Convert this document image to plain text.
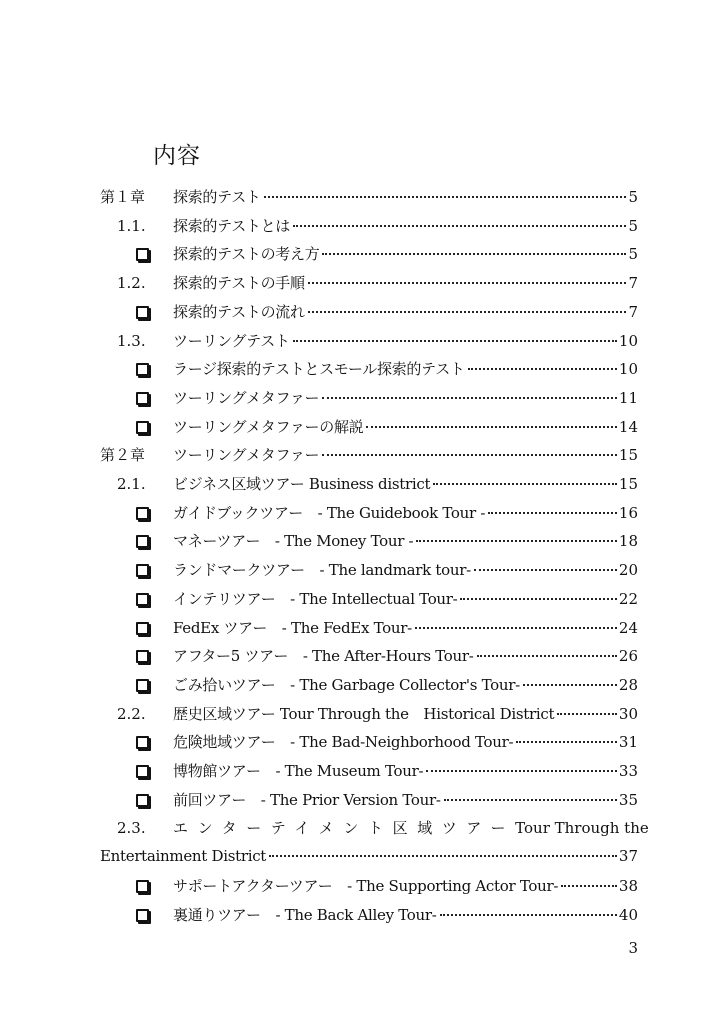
内容
第１章 探索的テスト	5
1.1. 探索的テストとは	5
探索的テストの考え方	5
1.2. 探索的テストの手順	7
探索的テストの流れ	7
1.3. ツーリングテスト	10
ラージ探索的テストとスモール探索的テスト	10
ツーリングメタファー	11
ツーリングメタファーの解説	14
第２章 ツーリングメタファー	15
2.1. ビジネス区域ツアー Business district	15
ガイドブックツアー　- The Guidebook Tour -	16
マネーツアー　- The Money Tour -	18
ランドマークツアー　- The landmark tour-	20
インテリツアー　- The Intellectual Tour-	22
FedEx ツアー　- The FedEx Tour-	24
アフター5 ツアー　- The After-Hours Tour-	26
ごみ拾いツアー　- The Garbage Collector's Tour-	28
2.2. 歴史区域ツアー Tour Through the　Historical District	30
危険地域ツアー　- The Bad-Neighborhood Tour-	31
博物館ツアー　- The Museum Tour-	33
前回ツアー　- The Prior Version Tour-	35
2.3. エンターテイメント区域ツアー Tour Through the
Entertainment District	37
サポートアクターツアー　- The Supporting Actor Tour-	38
裏通りツアー　- The Back Alley Tour-	40
3
